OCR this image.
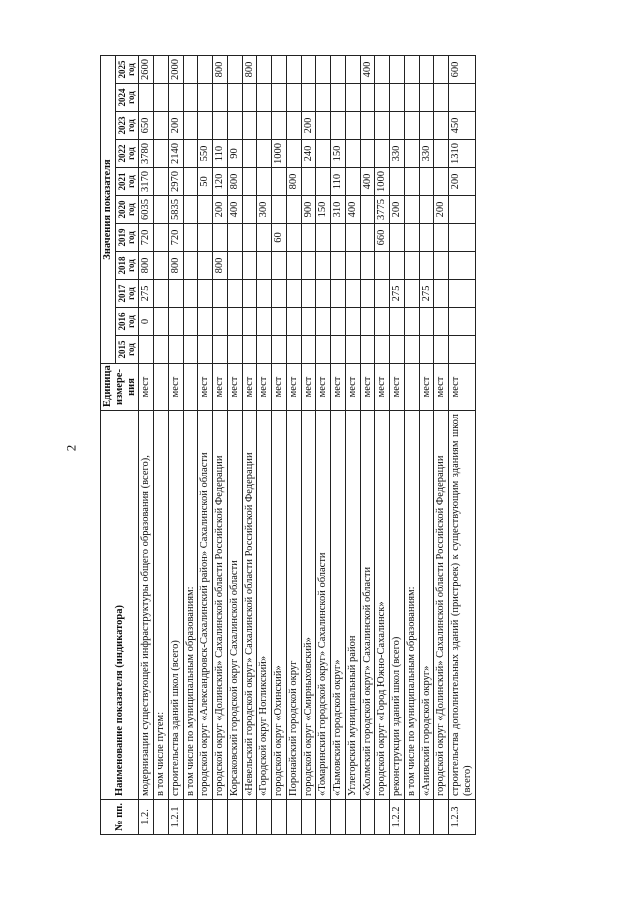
2
№ пп.	Наименование показателя (индикатора)	Единица измере- ния	Значения показателя										
			2015 год	2016 год	2017 год	2018 год	2019 год	2020 год	2021 год	2022 год	2023 год	2024 год	2025 год
1.2.	модернизации существующей инфраструктуры общего образования (всего),	мест		0	275	800	720	6035	3170	3780	650		2600
	в том числе путем:												
1.2.1	строительства зданий школ (всего)	мест				800	720	5835	2970	2140	200		2000
	в том числе по муниципальным образованиям:												
	городской округ «Александровск-Сахалинский район» Сахалинской области	мест							50	550			
	городской округ «Долинский» Сахалинской области Российской Федерации	мест				800		200	120	110			800
	Корсаковский городской округ Сахалинской области	мест						400	800	90			
	«Невельский городской округ» Сахалинской области Российской Федерации	мест											800
	«Городской округ Ногликский»	мест						300					
	городской округ «Охинский»	мест					60			1000			
	Поронайский городской округ	мест							800				
	городской округ «Смирныховский»	мест						900		240	200		
	«Томаринский городской округ» Сахалинской области	мест						150					
	«Тымовский городской округ»	мест						310	110	150			
	Углегорский муниципальный район	мест						400					
	«Холмский городской округ» Сахалинской области	мест							400				400
	городской округ «Город Южно-Сахалинск»	мест					660	3775	1000				
1.2.2	реконструкции зданий школ (всего)	мест			275			200		330			
	в том числе по муниципальным образованиям:												
	«Анивский городской округ»	мест			275					330			
	городской округ «Долинский» Сахалинской области Российской Федерации	мест						200					
1.2.3	строительства дополнительных зданий (пристроек) к существующим зданиям школ (всего)	мест							200	1310	450		600
